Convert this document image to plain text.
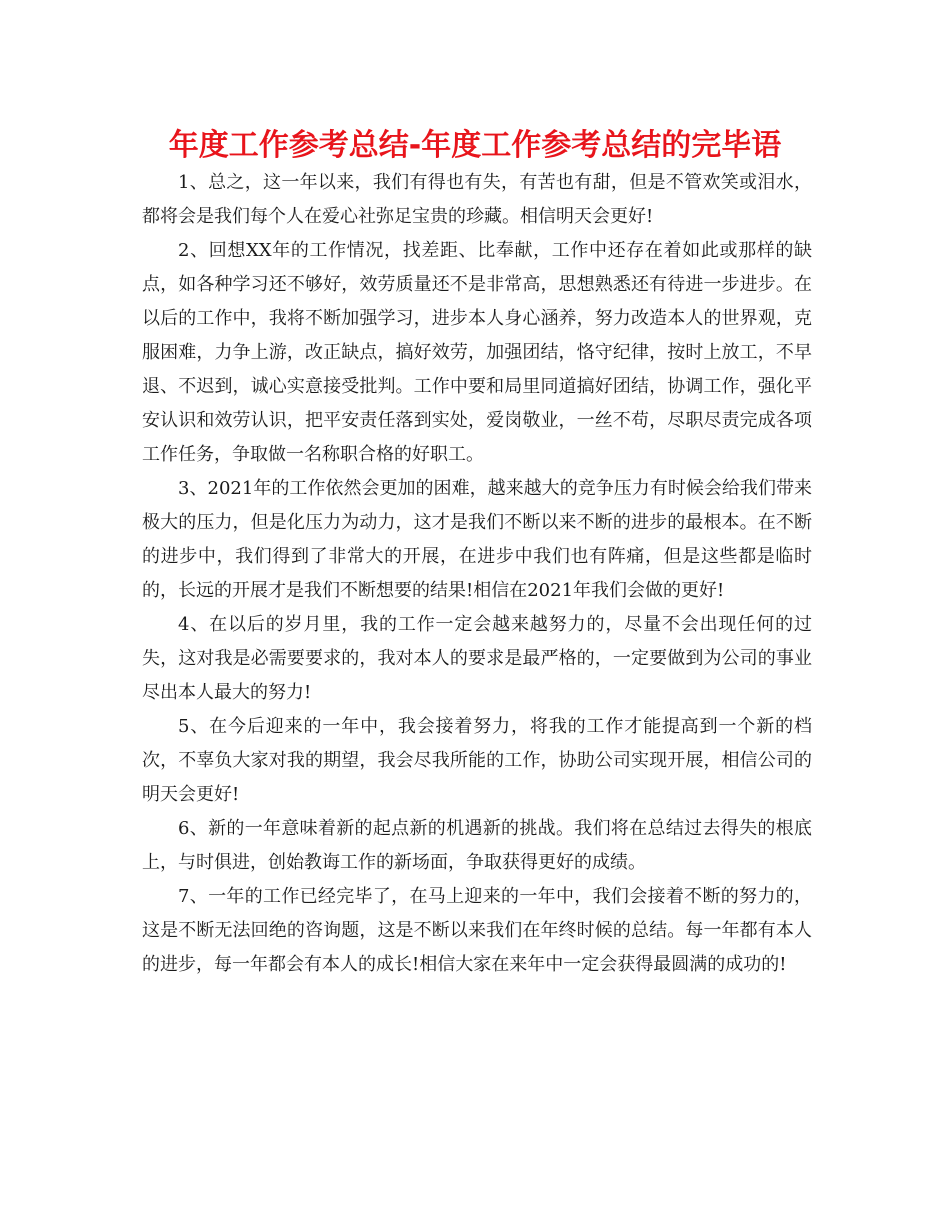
年度工作参考总结-年度工作参考总结的完毕语

1、总之，这一年以来，我们有得也有失，有苦也有甜，但是不管欢笑或泪水，都将会是我们每个人在爱心社弥足宝贵的珍藏。相信明天会更好!

2、回想XX年的工作情况，找差距、比奉献，工作中还存在着如此或那样的缺点，如各种学习还不够好，效劳质量还不是非常高，思想熟悉还有待进一步进步。在以后的工作中，我将不断加强学习，进步本人身心涵养，努力改造本人的世界观，克服困难，力争上游，改正缺点，搞好效劳，加强团结，恪守纪律，按时上放工，不早退、不迟到，诚心实意接受批判。工作中要和局里同道搞好团结，协调工作，强化平安认识和效劳认识，把平安责任落到实处，爱岗敬业，一丝不苟，尽职尽责完成各项工作任务，争取做一名称职合格的好职工。

3、2021年的工作依然会更加的困难，越来越大的竞争压力有时候会给我们带来极大的压力，但是化压力为动力，这才是我们不断以来不断的进步的最根本。在不断的进步中，我们得到了非常大的开展，在进步中我们也有阵痛，但是这些都是临时的，长远的开展才是我们不断想要的结果!相信在2021年我们会做的更好!

4、在以后的岁月里，我的工作一定会越来越努力的，尽量不会出现任何的过失，这对我是必需要要求的，我对本人的要求是最严格的，一定要做到为公司的事业尽出本人最大的努力!

5、在今后迎来的一年中，我会接着努力，将我的工作才能提高到一个新的档次，不辜负大家对我的期望，我会尽我所能的工作，协助公司实现开展，相信公司的明天会更好!

6、新的一年意味着新的起点新的机遇新的挑战。我们将在总结过去得失的根底上，与时俱进，创始教诲工作的新场面，争取获得更好的成绩。

7、一年的工作已经完毕了，在马上迎来的一年中，我们会接着不断的努力的，这是不断无法回绝的咨询题，这是不断以来我们在年终时候的总结。每一年都有本人的进步，每一年都会有本人的成长!相信大家在来年中一定会获得最圆满的成功的!
